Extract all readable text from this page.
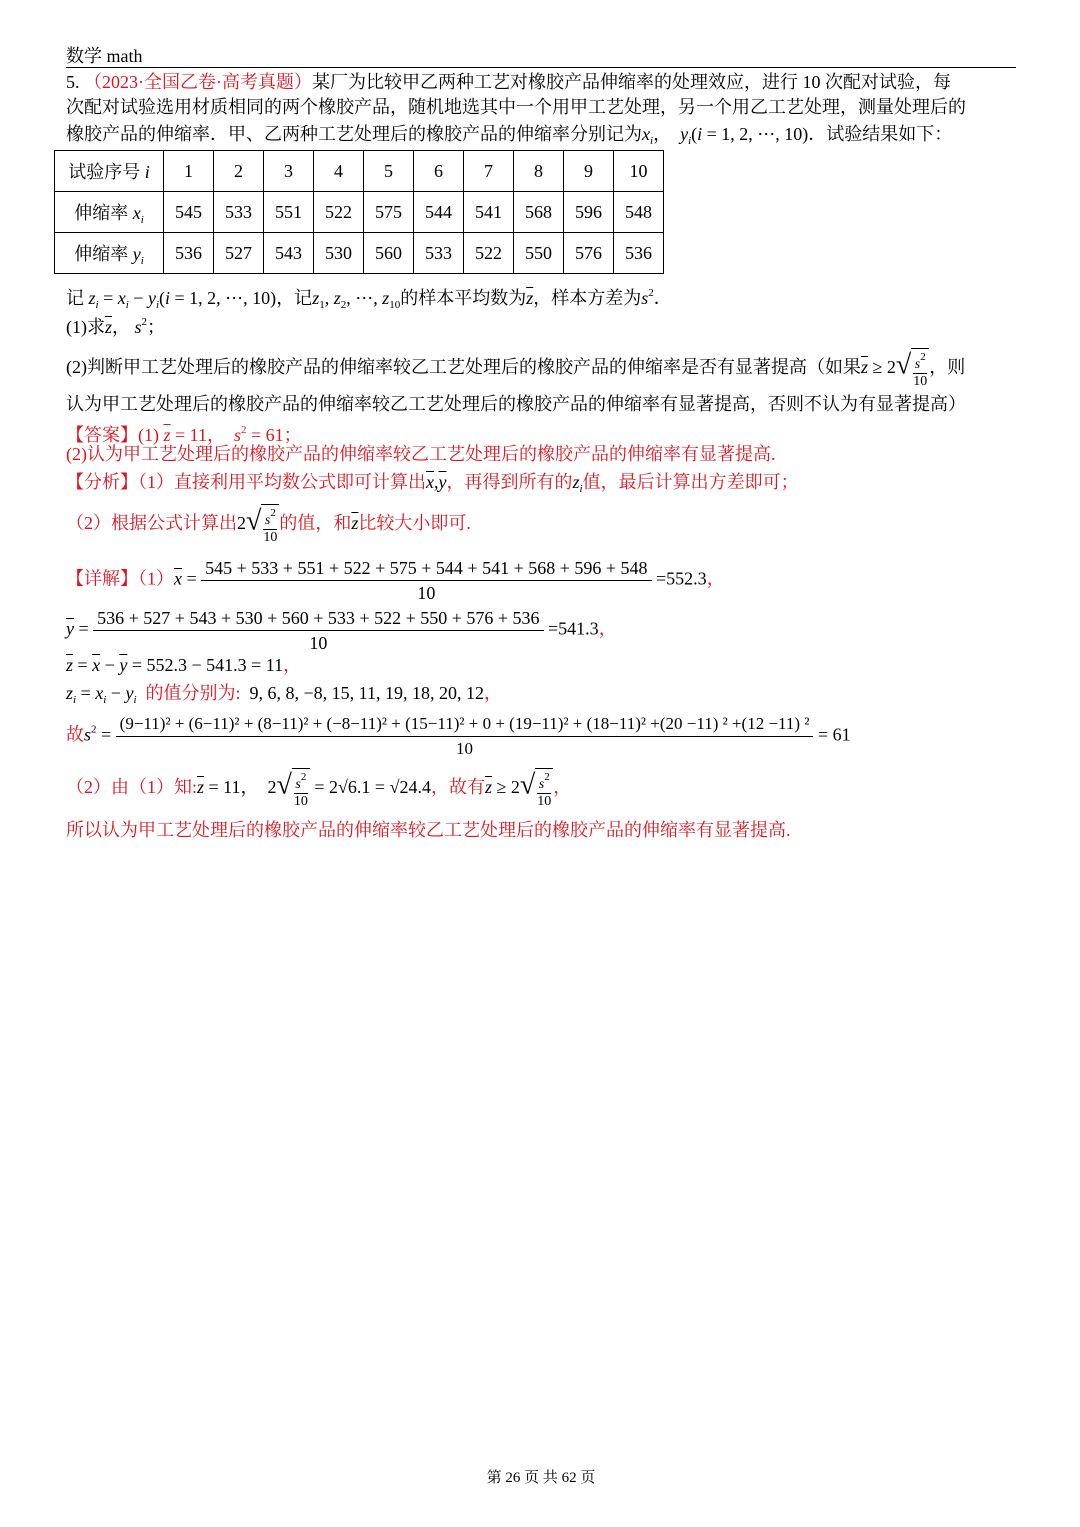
数学 math
5. （2023·全国乙卷·高考真题）某厂为比较甲乙两种工艺对橡胶产品伸缩率的处理效应，进行 10 次配对试验，每
次配对试验选用材质相同的两个橡胶产品，随机地选其中一个用甲工艺处理，另一个用乙工艺处理，测量处理后的
橡胶产品的伸缩率．甲、乙两种工艺处理后的橡胶产品的伸缩率分别记为$x_i$，  $y_i(i = 1$, 2, ⋯, 10)．试验结果如下：
试验序号 i	1	2	3	4	5	6	7	8	9	10
伸缩率 $x_i$	545	533	551	522	575	544	541	568	596	548
伸缩率 $y_i$	536	527	543	530	560	533	522	550	576	536
记 $z_i = x_i - y_i(i = 1$, 2, ⋯, 10)，记$z_1$, $z_2$, ⋯, $z_{10}$的样本平均数为$\overline{z}$，样本方差为$s^2$．
(1)求$\overline{z}$， $s^2$；
(2)判断甲工艺处理后的橡胶产品的伸缩率较乙工艺处理后的橡胶产品的伸缩率是否有显著提高（如果$\overline{z} \ge 2√ \frac{s^2}{10}$ ，则
认为甲工艺处理后的橡胶产品的伸缩率较乙工艺处理后的橡胶产品的伸缩率有显著提高，否则不认为有显著提高）
【答案】(1) $\overline{z} = 11$，  $s^2 = 61$；
(2)认为甲工艺处理后的橡胶产品的伸缩率较乙工艺处理后的橡胶产品的伸缩率有显著提高.
【分析】（1）直接利用平均数公式即可计算出$\overline{x},\overline{y}$，再得到所有的$z_i$值，最后计算出方差即可；
（2）根据公式计算出$2√ \frac{s^2}{10}$ 的值，和$\overline{z}$比较大小即可.
【详解】$(1)\overline{x} = \frac{545 + 533 + 551 + 522 + 575 + 544 + 541 + 568 + 596 + 548}{10} =552.3$，
$\overline{y} = \frac{536 + 527 + 543 + 530 + 560 + 533 + 522 + 550 + 576 + 536}{10} =541.3$，
$\overline{z} = \overline{x} - \overline{y} = 552.3 - 541.3 = 11$，
$z_i = x_i - y_i$ 的值分别为: 9, 6, 8, −8, 15, 11, 19, 18, 20, 12，
故$s^2$ =
(9−11)² + (6−11)² + (8−11)² + (−8−11)² + (15−11)² + 0 + (19−11)² + (18−11)² +(20 −11) ² +(12 −11) ²
10
= 61
（2）由（1）知$:\overline{z} = 11$，  $2√ \frac{s^2}{10} = 2√6.1 = √24.4$，故有$\overline{z} \ge 2√ \frac{s^2}{10}$ ，
所以认为甲工艺处理后的橡胶产品的伸缩率较乙工艺处理后的橡胶产品的伸缩率有显著提高.
第 26 页 共 62 页
